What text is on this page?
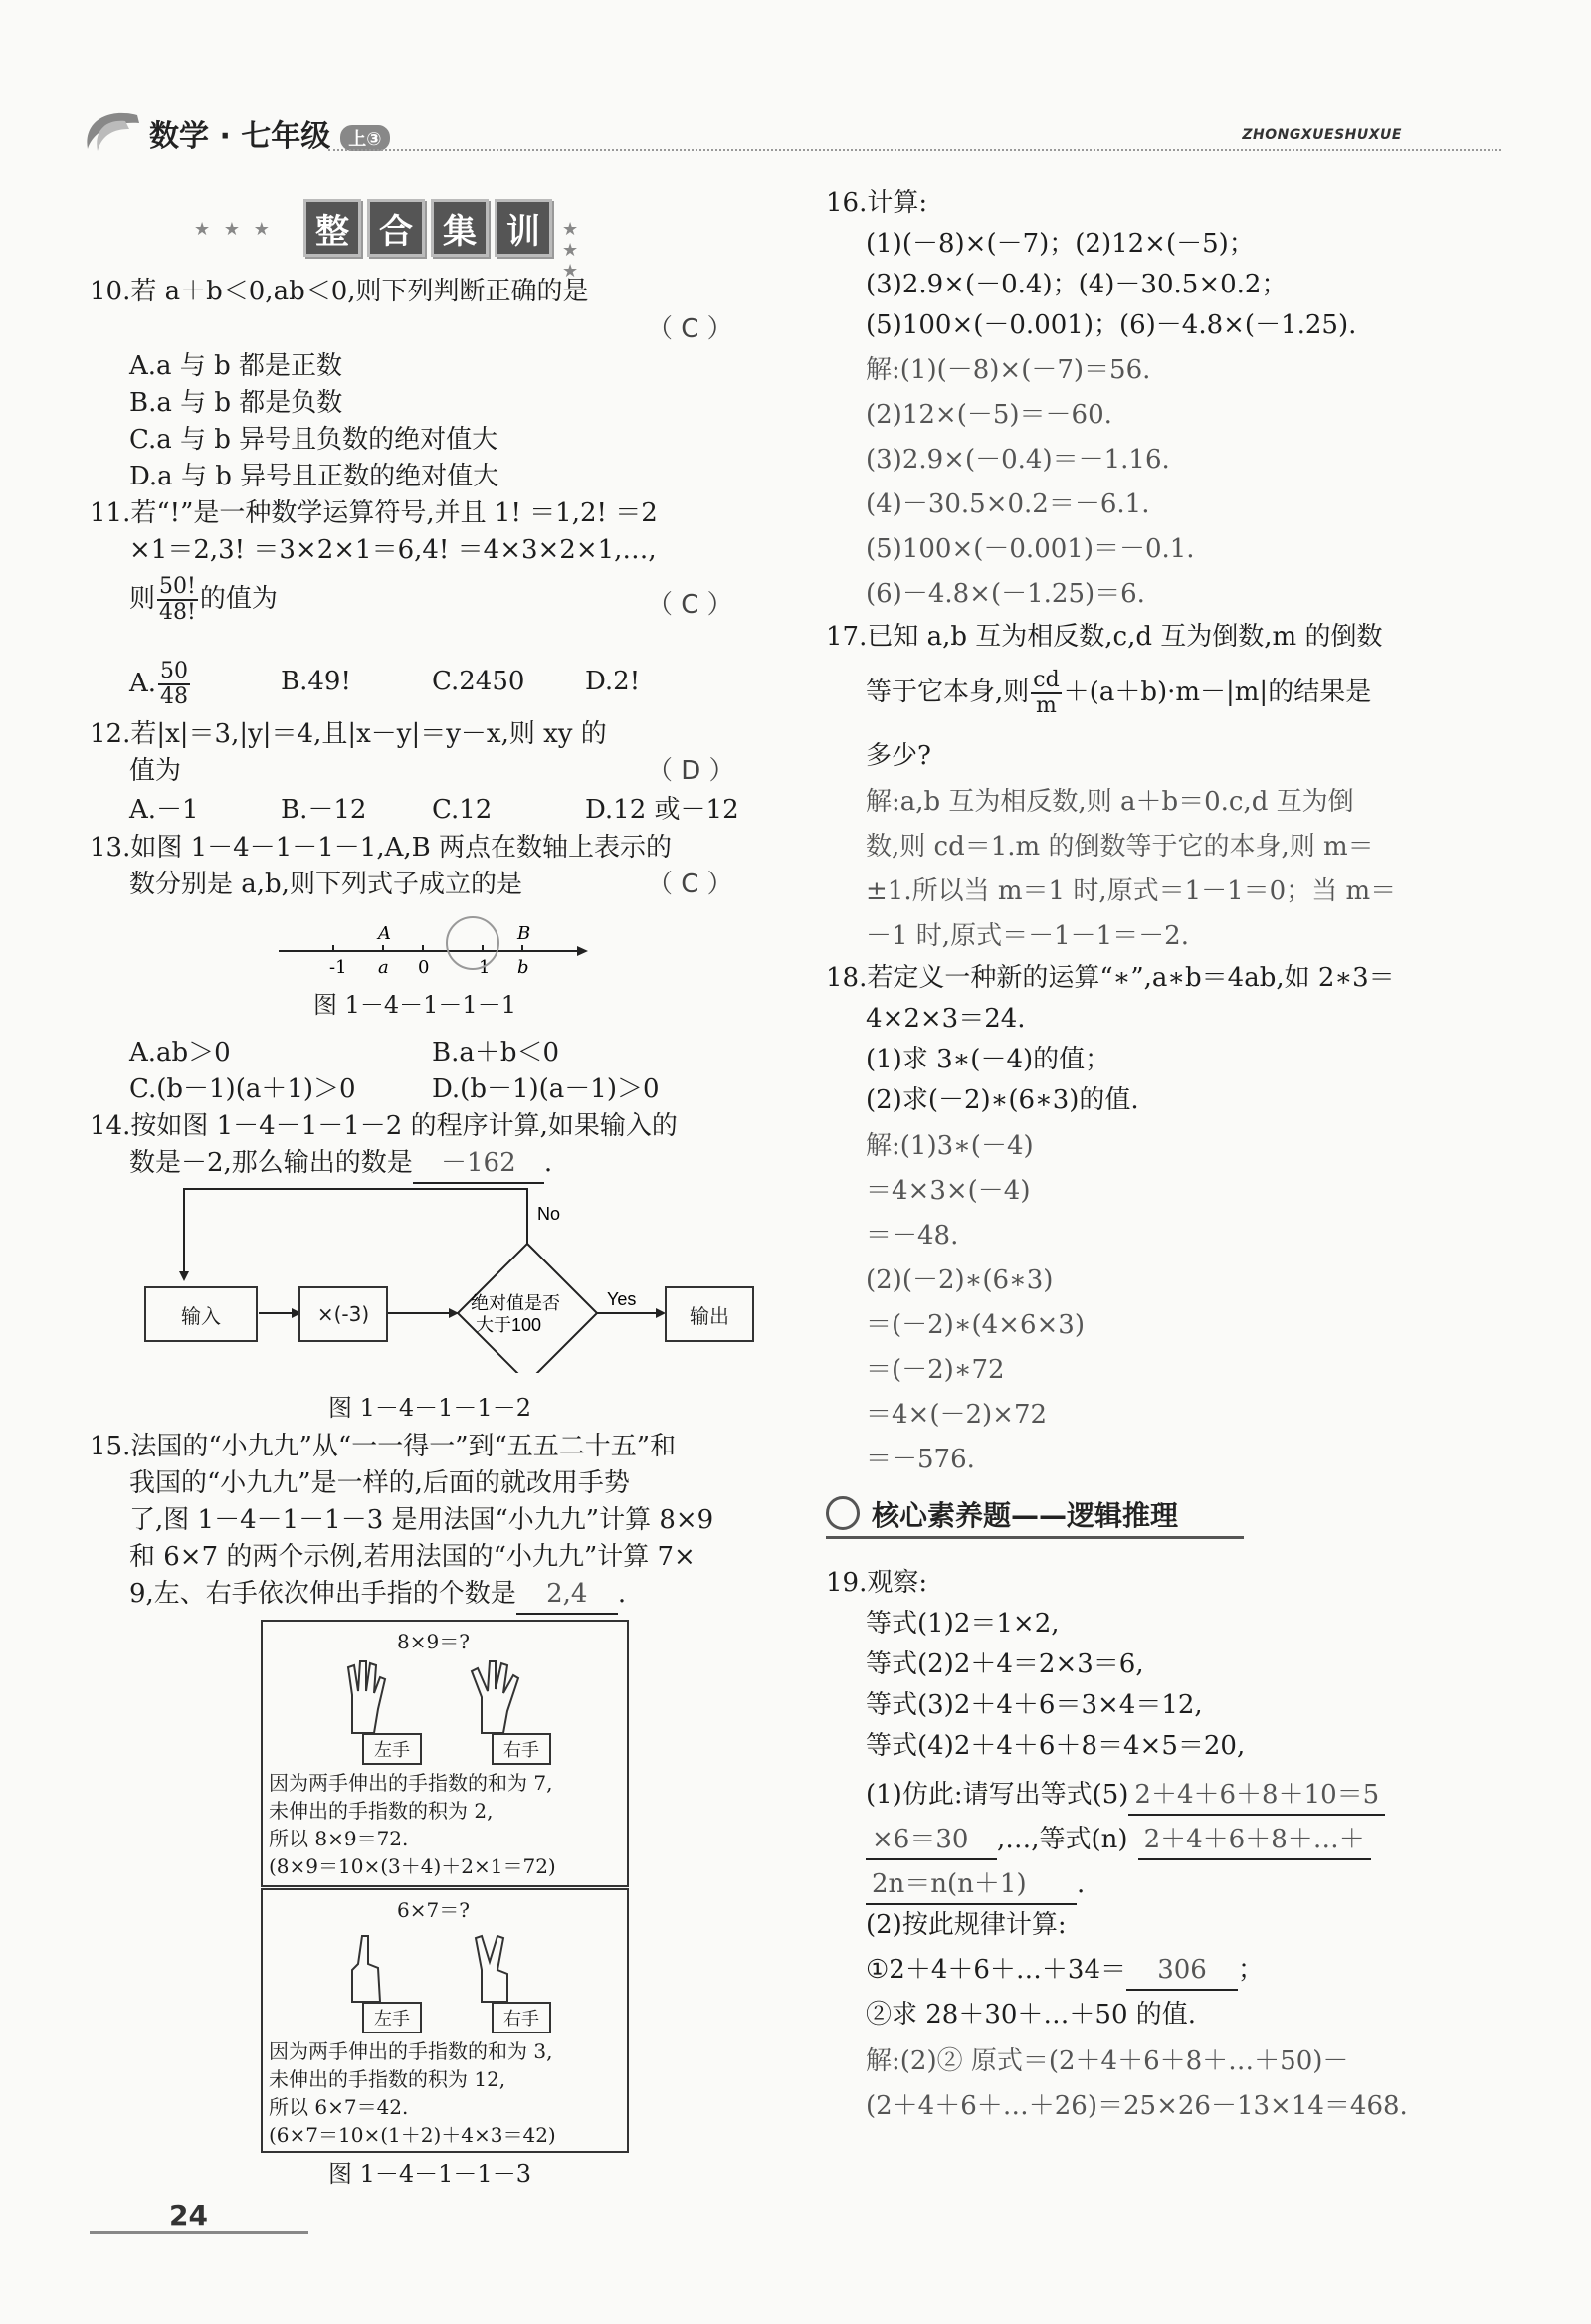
数学 · 七年级 上③	ZHONGXUESHUXUE
★ ★ ★	整 合 集 训	★ ★ ★
10.若 a＋b＜0,ab＜0,则下列判断正确的是
（ C ）
A.a 与 b 都是正数
B.a 与 b 都是负数
C.a 与 b 异号且负数的绝对值大
D.a 与 b 异号且正数的绝对值大
11.若“!”是一种数学运算符号,并且 1! ＝1,2! ＝2
×1＝2,3! ＝3×2×1＝6,4! ＝4×3×2×1,…,
则 $\frac{50!}{48!}$ 的值为	（ C ）
A. $\frac{50}{48}$	B.49!	C.2450 D.2!
12.若|x|＝3,|y|＝4,且|x－y|＝y－x,则 xy 的
值为	（ D ）
A.－1	B.－12	C.12	D.12 或－12
13.如图 1－4－1－1－1,A,B 两点在数轴上表示的
数分别是 a,b,则下列式子成立的是	（ C ）
-1 a 0	1 b
A	B
图 1－4－1－1－1
A.ab＞0	B.a＋b＜0
C.(b－1)(a＋1)＞0	D.(b－1)(a－1)＞0
14.按如图 1－4－1－1－2 的程序计算,如果输入的
数是－2,那么输出的数是 －162 .
No
Yes
绝对值是否
大于100
输入	×(-3)	输出
图 1－4－1－1－2
15.法国的“小九九”从“一一得一”到“五五二十五”和
我国的“小九九”是一样的,后面的就改用手势
了,图 1－4－1－1－3 是用法国“小九九”计算 8×9
和 6×7 的两个示例,若用法国的“小九九”计算 7×
9,左、右手依次伸出手指的个数是 2,4 .
8×9＝?
左手	右手
因为两手伸出的手指数的和为 7,
未伸出的手指数的积为 2,
所以 8×9＝72.
(8×9＝10×(3＋4)＋2×1＝72)
6×7＝?
左手	右手
因为两手伸出的手指数的和为 3,
未伸出的手指数的积为 12,
所以 6×7＝42.
(6×7＝10×(1＋2)＋4×3＝42)
图 1－4－1－1－3
16.计算:
(1)(－8)×(－7)；(2)12×(－5)；
(3)2.9×(－0.4)；(4)－30.5×0.2；
(5)100×(－0.001)；(6)－4.8×(－1.25).
解:(1)(－8)×(－7)＝56.
(2)12×(－5)＝－60.
(3)2.9×(－0.4)＝－1.16.
(4)－30.5×0.2＝－6.1.
(5)100×(－0.001)＝－0.1.
(6)－4.8×(－1.25)＝6.
17.已知 a,b 互为相反数,c,d 互为倒数,m 的倒数
等于它本身,则 $\frac{cd}{m} +(a+b)\cdot m-|m|$的结果是
多少?
解:a,b 互为相反数,则 a＋b＝0.c,d 互为倒
数,则 cd＝1.m 的倒数等于它的本身,则 m＝
±1.所以当 m＝1 时,原式＝1－1＝0；当 m＝
－1 时,原式＝－1－1＝－2.
18.若定义一种新的运算“∗”,a∗b＝4ab,如 2∗3＝
4×2×3＝24.
(1)求 3∗(－4)的值；
(2)求(－2)∗(6∗3)的值.
解:(1)3∗(－4)
＝4×3×(－4)
＝－48.
(2)(－2)∗(6∗3)
＝(－2)∗(4×6×3)
＝(－2)∗72
＝4×(－2)×72
＝－576.
核心素养题——逻辑推理
19.观察:
等式(1)2＝1×2,
等式(2)2＋4＝2×3＝6,
等式(3)2＋4＋6＝3×4＝12,
等式(4)2＋4＋6＋8＝4×5＝20,
(1)仿此:请写出等式(5) 2＋4＋6＋8＋10＝5
×6＝30 ,…,等式(n) 2＋4＋6＋8＋…＋
2n＝n(n＋1) .
(2)按此规律计算:
①2＋4＋6＋…＋34＝ 306 ；
②求 28＋30＋…＋50 的值.
解:(2)② 原式＝(2＋4＋6＋8＋…＋50)－
(2＋4＋6＋…＋26)＝25×26－13×14＝468.
24
